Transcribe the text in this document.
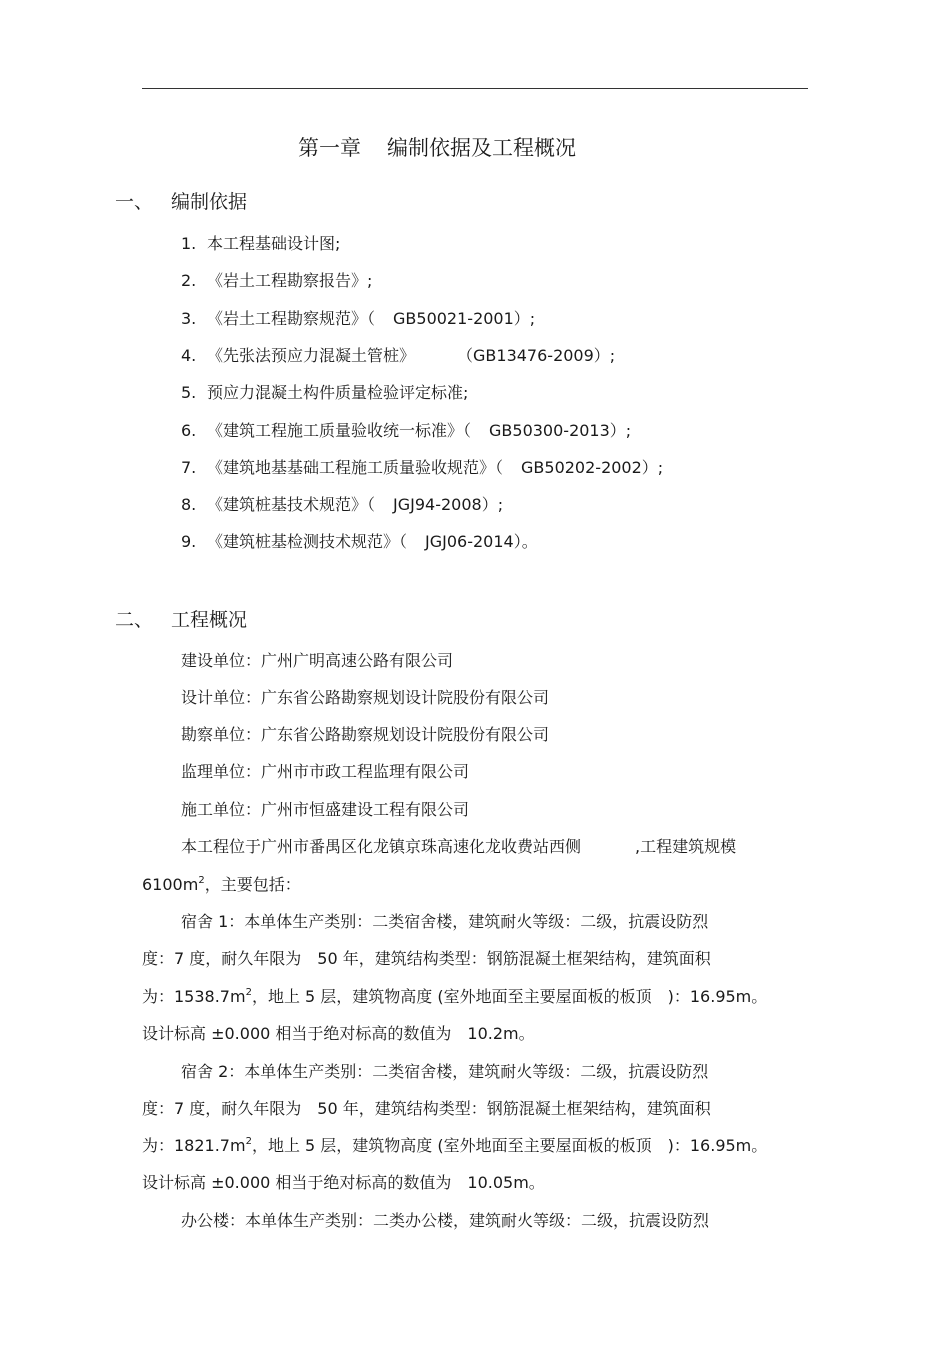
第一章 编制依据及工程概况
一、 编制依据
1. 本工程基础设计图;
2. 《岩土工程勘察报告》;
3. 《岩土工程勘察规范》（ GB50021-2001）;
4. 《先张法预应力混凝土管桩》	（GB13476-2009）;
5. 预应力混凝土构件质量检验评定标准;
6. 《建筑工程施工质量验收统一标准》（ GB50300-2013）;
7. 《建筑地基基础工程施工质量验收规范》（ GB50202-2002）;
8. 《建筑桩基技术规范》（ JGJ94-2008）;
9. 《建筑桩基检测技术规范》（ JGJ06-2014）。
二、 工程概况
建设单位：广州广明高速公路有限公司
设计单位：广东省公路勘察规划设计院股份有限公司
勘察单位：广东省公路勘察规划设计院股份有限公司
监理单位：广州市市政工程监理有限公司
施工单位：广州市恒盛建设工程有限公司
本工程位于广州市番禺区化龙镇京珠高速化龙收费站西侧	,工程建筑规模
$6100m^2$，主要包括：
宿舍 1：本单体生产类别：二类宿舍楼，建筑耐火等级：二级，抗震设防烈
度：7 度，耐久年限为　50 年，建筑结构类型：钢筋混凝土框架结构，建筑面积
为：$1538.7m^2$，地上 5 层，建筑物高度 (室外地面至主要屋面板的板顶　)：16.95m。
设计标高 ±0.000 相当于绝对标高的数值为　10.2m。
宿舍 2：本单体生产类别：二类宿舍楼，建筑耐火等级：二级，抗震设防烈
度：7 度，耐久年限为　50 年，建筑结构类型：钢筋混凝土框架结构，建筑面积
为：$1821.7m^2$，地上 5 层，建筑物高度 (室外地面至主要屋面板的板顶　)：16.95m。
设计标高 ±0.000 相当于绝对标高的数值为　10.05m。
办公楼：本单体生产类别：二类办公楼，建筑耐火等级：二级，抗震设防烈
